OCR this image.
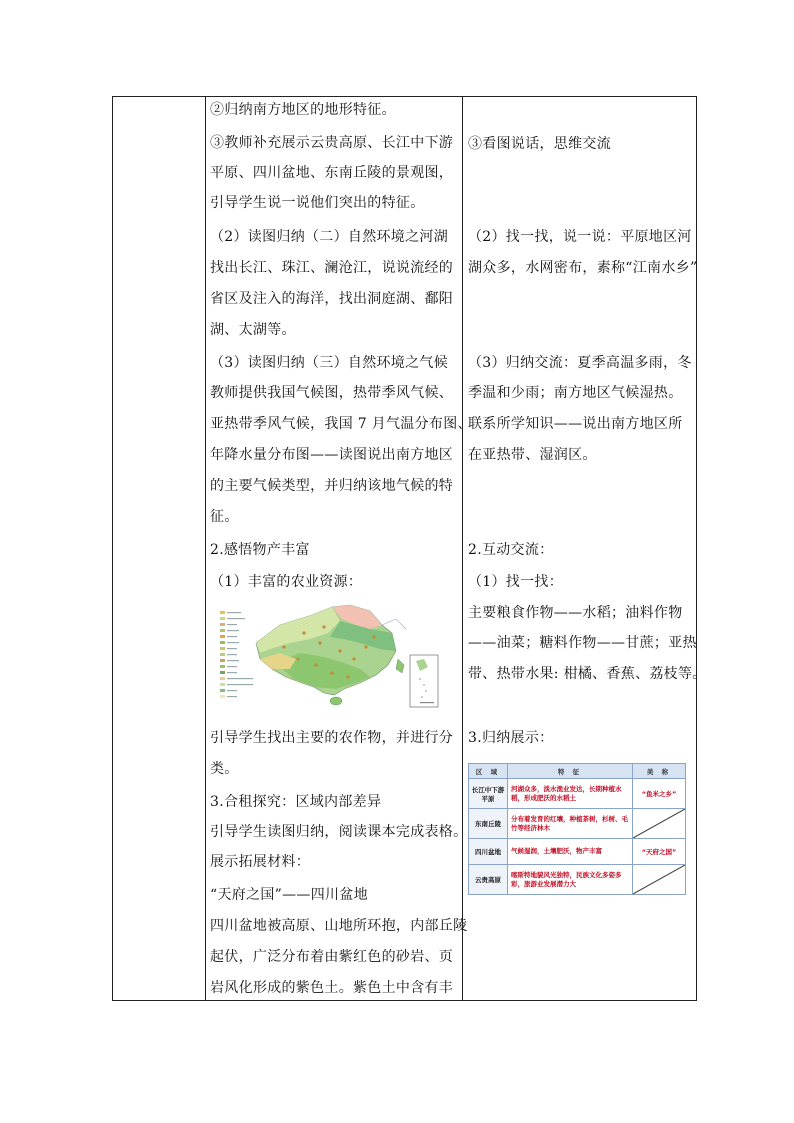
②归纳南方地区的地形特征。
③教师补充展示云贵高原、长江中下游
平原、四川盆地、东南丘陵的景观图，
引导学生说一说他们突出的特征。
（2）读图归纳（二）自然环境之河湖
找出长江、珠江、澜沧江，说说流经的
省区及注入的海洋，找出洞庭湖、鄱阳
湖、太湖等。
（3）读图归纳（三）自然环境之气候
教师提供我国气候图，热带季风气候、
亚热带季风气候，我国 7 月气温分布图、
年降水量分布图——读图说出南方地区
的主要气候类型，并归纳该地气候的特
征。
2.感悟物产丰富
（1）丰富的农业资源：
引导学生找出主要的农作物，并进行分
类。
3.合租探究：区域内部差异
引导学生读图归纳，阅读课本完成表格。
展示拓展材料：
“天府之国”——四川盆地
四川盆地被高原、山地所环抱，内部丘陵
起伏，广泛分布着由紫红色的砂岩、页
岩风化形成的紫色土。紫色土中含有丰
③看图说话，思维交流
（2）找一找，说一说：平原地区河
湖众多，水网密布，素称“江南水乡”
（3）归纳交流：夏季高温多雨，冬
季温和少雨；南方地区气候湿热。
联系所学知识——说出南方地区所
在亚热带、湿润区。
2.互动交流：
（1）找一找：
主要粮食作物——水稻；油料作物
——油菜；糖料作物——甘蔗；亚热
带、热带水果: 柑橘、香蕉、荔枝等。
3.归纳展示：
区 域	特 征	美 称
长江中下游平原	河湖众多，淡水渔业发达，长期种植水稻，形成肥沃的水稻土	“鱼米之乡”
东南丘陵	分布着发育的红壤，种植茶树，杉树、毛竹等经济林木	

四川盆地	气候湿润，土壤肥沃，物产丰富	“天府之国”
云贵高原	喀斯特地貌风光独特，民族文化多姿多彩，旅游业发展潜力大	
